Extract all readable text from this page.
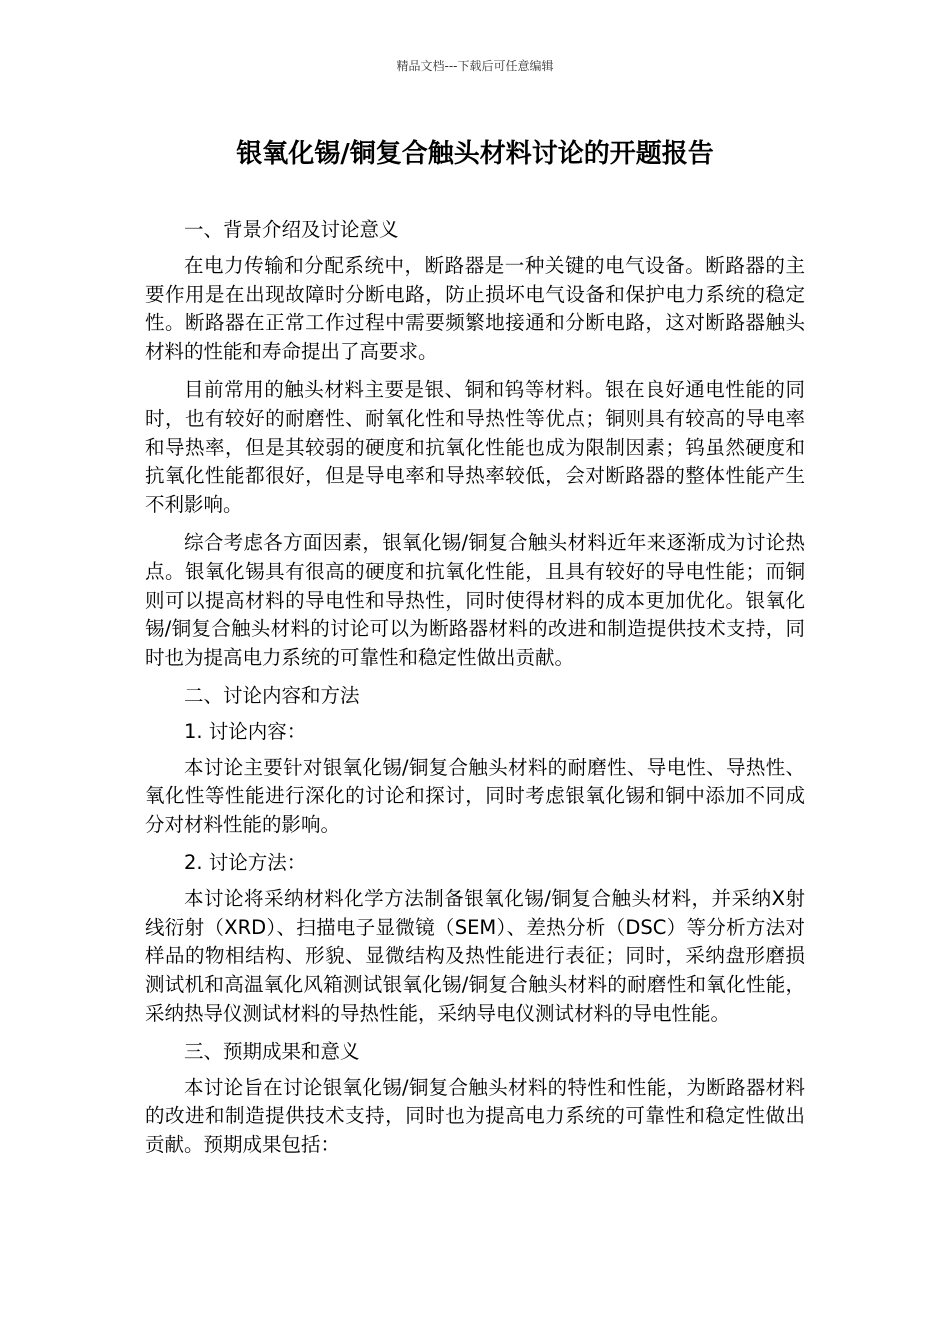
精品文档---下载后可任意编辑
银氧化锡/铜复合触头材料讨论的开题报告

一、背景介绍及讨论意义

在电力传输和分配系统中，断路器是一种关键的电气设备。断路器的主要作用是在出现故障时分断电路，防止损坏电气设备和保护电力系统的稳定性。断路器在正常工作过程中需要频繁地接通和分断电路，这对断路器触头材料的性能和寿命提出了高要求。

目前常用的触头材料主要是银、铜和钨等材料。银在良好通电性能的同时，也有较好的耐磨性、耐氧化性和导热性等优点；铜则具有较高的导电率和导热率，但是其较弱的硬度和抗氧化性能也成为限制因素；钨虽然硬度和抗氧化性能都很好，但是导电率和导热率较低，会对断路器的整体性能产生不利影响。

综合考虑各方面因素，银氧化锡/铜复合触头材料近年来逐渐成为讨论热点。银氧化锡具有很高的硬度和抗氧化性能，且具有较好的导电性能；而铜则可以提高材料的导电性和导热性，同时使得材料的成本更加优化。银氧化锡/铜复合触头材料的讨论可以为断路器材料的改进和制造提供技术支持，同时也为提高电力系统的可靠性和稳定性做出贡献。

二、讨论内容和方法

1. 讨论内容：

本讨论主要针对银氧化锡/铜复合触头材料的耐磨性、导电性、导热性、氧化性等性能进行深化的讨论和探讨，同时考虑银氧化锡和铜中添加不同成分对材料性能的影响。

2. 讨论方法：

本讨论将采纳材料化学方法制备银氧化锡/铜复合触头材料，并采纳X射线衍射（XRD）、扫描电子显微镜（SEM）、差热分析（DSC）等分析方法对样品的物相结构、形貌、显微结构及热性能进行表征；同时，采纳盘形磨损测试机和高温氧化风箱测试银氧化锡/铜复合触头材料的耐磨性和氧化性能，采纳热导仪测试材料的导热性能，采纳导电仪测试材料的导电性能。

三、预期成果和意义

本讨论旨在讨论银氧化锡/铜复合触头材料的特性和性能，为断路器材料的改进和制造提供技术支持，同时也为提高电力系统的可靠性和稳定性做出贡献。预期成果包括：
